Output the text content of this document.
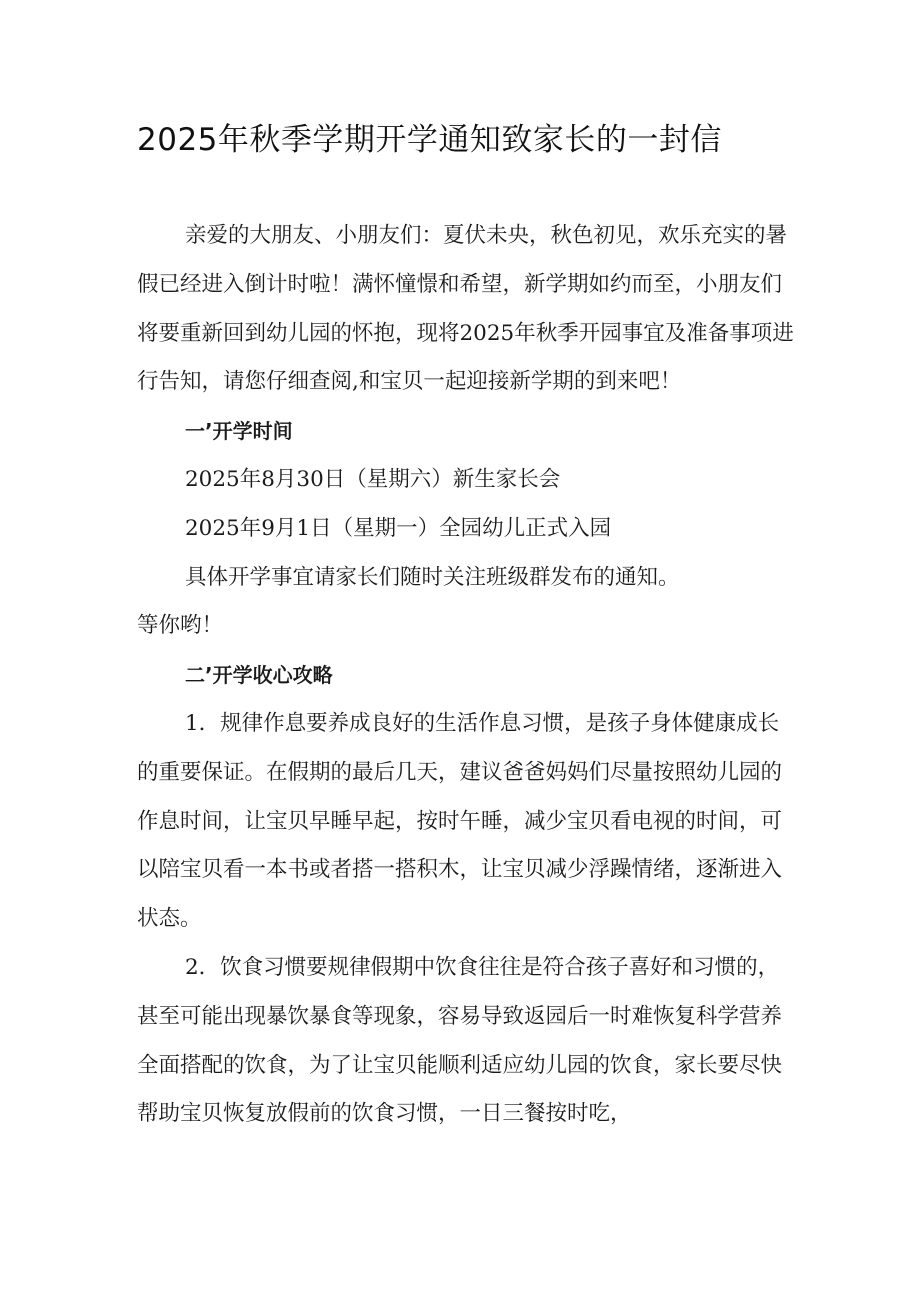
2025年秋季学期开学通知致家长的一封信

亲爱的大朋友、小朋友们：夏伏未央，秋色初见，欢乐充实的暑假已经进入倒计时啦！满怀憧憬和希望，新学期如约而至，小朋友们将要重新回到幼儿园的怀抱，现将2025年秋季开园事宜及准备事项进行告知，请您仔细查阅,和宝贝一起迎接新学期的到来吧！

一’开学时间

2025年8月30日（星期六）新生家长会

2025年9月1日（星期一）全园幼儿正式入园

具体开学事宜请家长们随时关注班级群发布的通知。

等你哟！

二’开学收心攻略

1．规律作息要养成良好的生活作息习惯，是孩子身体健康成长的重要保证。在假期的最后几天，建议爸爸妈妈们尽量按照幼儿园的作息时间，让宝贝早睡早起，按时午睡，减少宝贝看电视的时间，可以陪宝贝看一本书或者搭一搭积木，让宝贝减少浮躁情绪，逐渐进入状态。

2．饮食习惯要规律假期中饮食往往是符合孩子喜好和习惯的，甚至可能出现暴饮暴食等现象，容易导致返园后一时难恢复科学营养全面搭配的饮食，为了让宝贝能顺利适应幼儿园的饮食，家长要尽快帮助宝贝恢复放假前的饮食习惯，一日三餐按时吃，
